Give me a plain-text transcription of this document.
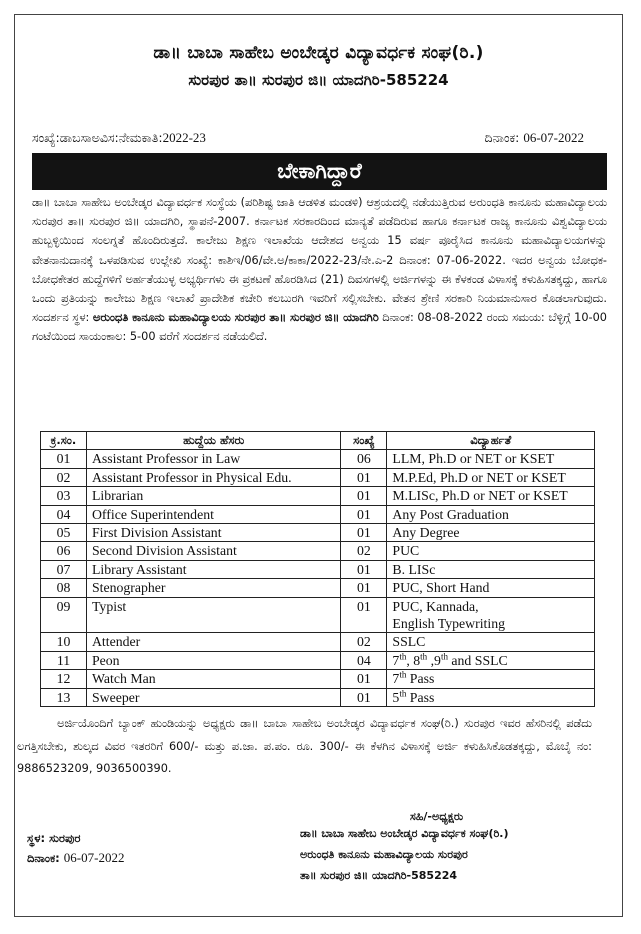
ಡಾ॥ ಬಾಬಾ ಸಾಹೇಬ ಅಂಬೇಡ್ಕರ ವಿದ್ಯಾವರ್ಧಕ ಸಂಘ(ರಿ.)
ಸುರಪುರ ತಾ॥ ಸುರಪುರ ಜಿ॥ ಯಾದಗಿರಿ-585224
ಸಂಖ್ಯೆ:ಡಾಬಸಾಅವಿಸ:ನೇಮಕಾತಿ:2022-23	ದಿನಾಂಕ: 06-07-2022
ಬೇಕಾಗಿದ್ದಾರೆ
ಡಾ॥ ಬಾಬಾ ಸಾಹೇಬ ಅಂಬೇಡ್ಕರ ವಿದ್ಯಾವರ್ಧಕ ಸಂಸ್ಥೆಯ (ಪರಿಶಿಷ್ಟ ಜಾತಿ ಆಡಳಿತ ಮಂಡಳಿ) ಆಶ್ರಯದಲ್ಲಿ ನಡೆಯುತ್ತಿರುವ ಅರುಂಧತಿ ಕಾನೂನು ಮಹಾವಿದ್ಯಾಲಯ ಸುರಪುರ ತಾ॥ ಸುರಪುರ ಜಿ॥ ಯಾದಗಿರಿ, ಸ್ಥಾಪನೆ-2007. ಕರ್ನಾಟಕ ಸರಕಾರದಿಂದ ಮಾನ್ಯತೆ ಪಡೆದಿರುವ ಹಾಗೂ ಕರ್ನಾಟಕ ರಾಜ್ಯ ಕಾನೂನು ವಿಶ್ವವಿದ್ಯಾಲಯ ಹುಬ್ಬಳ್ಳಿಯಿಂದ ಸಂಲಗ್ನತೆ ಹೊಂದಿರುತ್ತದೆ. ಕಾಲೇಜು ಶಿಕ್ಷಣ ಇಲಾಖೆಯ ಆದೇಶದ ಅನ್ವಯ 15 ವರ್ಷ ಪೂರೈಸಿದ ಕಾನೂನು ಮಹಾವಿದ್ಯಾಲಯಗಳನ್ನು ವೇತನಾನುದಾನಕ್ಕೆ ಒಳಪಡಿಸುವ ಉಲ್ಲೇಖಿ ಸಂಖ್ಯೆ: ಕಾಶಿಇ/06/ವೇ.ಅ/ಕಾಕಾ/2022-23/ನೇ.ಎ-2 ದಿನಾಂಕ: 07-06-2022. ಇದರ ಅನ್ವಯ ಬೋಧಕ-ಬೋಧಕೇತರ ಹುದ್ದೆಗಳಿಗೆ ಅರ್ಹತೆಯುಳ್ಳ ಅಭ್ಯರ್ಥಿಗಳು ಈ ಪ್ರಕಟಣೆ ಹೊರಡಿಸಿದ (21) ದಿವಸಗಳಲ್ಲಿ ಅರ್ಜಿಗಳನ್ನು ಈ ಕೆಳಕಂಡ ವಿಳಾಸಕ್ಕೆ ಕಳುಹಿಸತಕ್ಕದ್ದು, ಹಾಗೂ ಒಂದು ಪ್ರತಿಯನ್ನು ಕಾಲೇಜು ಶಿಕ್ಷಣ ಇಲಾಖೆ ಪ್ರಾದೇಶಿಕ ಕಚೇರಿ ಕಲಬುರಗಿ ಇವರಿಗೆ ಸಲ್ಲಿಸಬೇಕು. ವೇತನ ಶ್ರೇಣಿ ಸರಕಾರಿ ನಿಯಮಾನುಸಾರ ಕೊಡಲಾಗುವುದು. ಸಂದರ್ಶನ ಸ್ಥಳ: ಅರುಂಧತಿ ಕಾನೂನು ಮಹಾವಿದ್ಯಾಲಯ ಸುರಪುರ ತಾ॥ ಸುರಪುರ ಜಿ॥ ಯಾದಗಿರಿ ದಿನಾಂಕ: 08-08-2022 ರಂದು ಸಮಯ: ಬೆಳ್ಳಿಗ್ಗೆ 10-00 ಗಂಟೆಯಿಂದ ಸಾಯಂಕಾಲ: 5-00 ವರೆಗೆ ಸಂದರ್ಶನ ನಡೆಯಲಿದೆ.
ಕ್ರ.ಸಂ.	ಹುದ್ದೆಯ ಹೆಸರು	ಸಂಖ್ಯೆ	ವಿದ್ಯಾರ್ಹತೆ
01	Assistant Professor in Law	06	LLM, Ph.D or NET or KSET
02	Assistant Professor in Physical Edu.	01	M.P.Ed, Ph.D or NET or KSET
03	Librarian	01	M.LISc, Ph.D or NET or KSET
04	Office Superintendent	01	Any Post Graduation
05	First Division Assistant	01	Any Degree
06	Second Division Assistant	02	PUC
07	Library Assistant	01	B. LISc
08	Stenographer	01	PUC, Short Hand
09	Typist	01	PUC, Kannada,
English Typewriting

10	Attender	02	SSLC
11	Peon	04	7th, 8th ,9th and SSLC
12	Watch Man	01	7th Pass
13	Sweeper	01	5th Pass
ಅರ್ಜಿಯೊಂದಿಗೆ ಬ್ಯಾಂಕ್ ಹುಂಡಿಯನ್ನು ಅಧ್ಯಕ್ಷರು ಡಾ॥ ಬಾಬಾ ಸಾಹೇಬ ಅಂಬೇಡ್ಕರ ವಿದ್ಯಾವರ್ಧಕ ಸಂಘ(ರಿ.) ಸುರಪುರ ಇವರ ಹೆಸರಿನಲ್ಲಿ ಪಡೆದು ಲಗತ್ತಿಸಬೇಕು, ಶುಲ್ಕದ ವಿವರ ಇತರರಿಗೆ 600/- ಮತ್ತು ಪ.ಜಾ. ಪ.ಪಂ. ರೂ. 300/- ಈ ಕೆಳಗಿನ ವಿಳಾಸಕ್ಕೆ ಅರ್ಜಿ ಕಳುಹಿಸಿಕೊಡತಕ್ಕದ್ದು, ಮೊಬೈ ನಂ: 9886523209, 9036500390.
ಸಹಿ/-ಅಧ್ಯಕ್ಷರು
ಸ್ಥಳ: ಸುರಪುರ	ಡಾ॥ ಬಾಬಾ ಸಾಹೇಬ ಅಂಬೇಡ್ಕರ ವಿದ್ಯಾವರ್ಧಕ ಸಂಘ(ರಿ.)
ದಿನಾಂಕ: 06-07-2022	ಅರುಂಧತಿ ಕಾನೂನು ಮಹಾವಿದ್ಯಾಲಯ ಸುರಪುರ
ತಾ॥ ಸುರಪುರ ಜಿ॥ ಯಾದಗಿರಿ-585224
